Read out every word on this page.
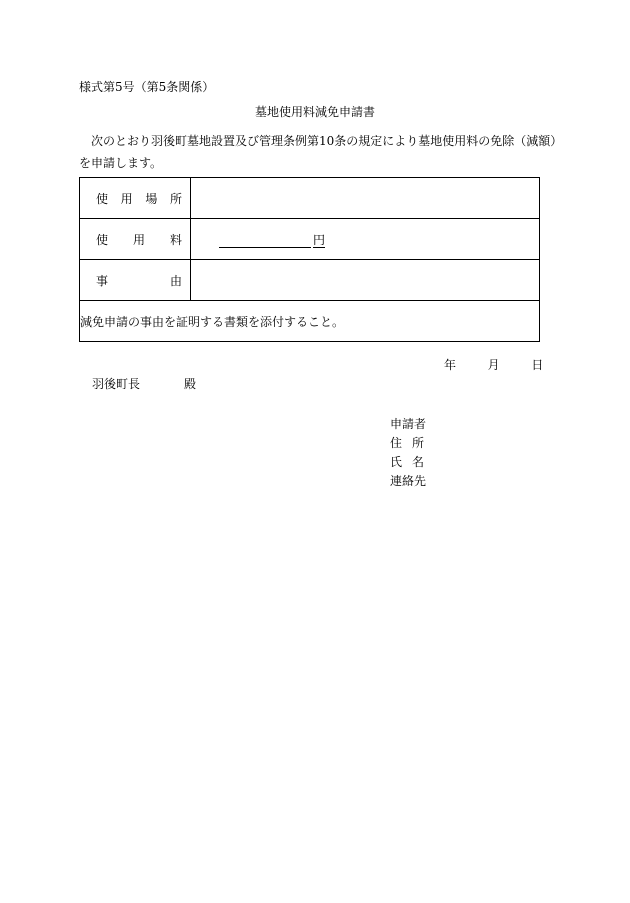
様式第5号（第5条関係）
墓地使用料減免申請書
次のとおり羽後町墓地設置及び管理条例第10条の規定により墓地使用料の免除（減額）を申請します。
使 用 場 所	

使 用 料	円

事 由	

減免申請の事由を証明する書類を添付すること。	
年	月	日
羽後町長	殿
申請者
住 所
氏 名
連絡先
